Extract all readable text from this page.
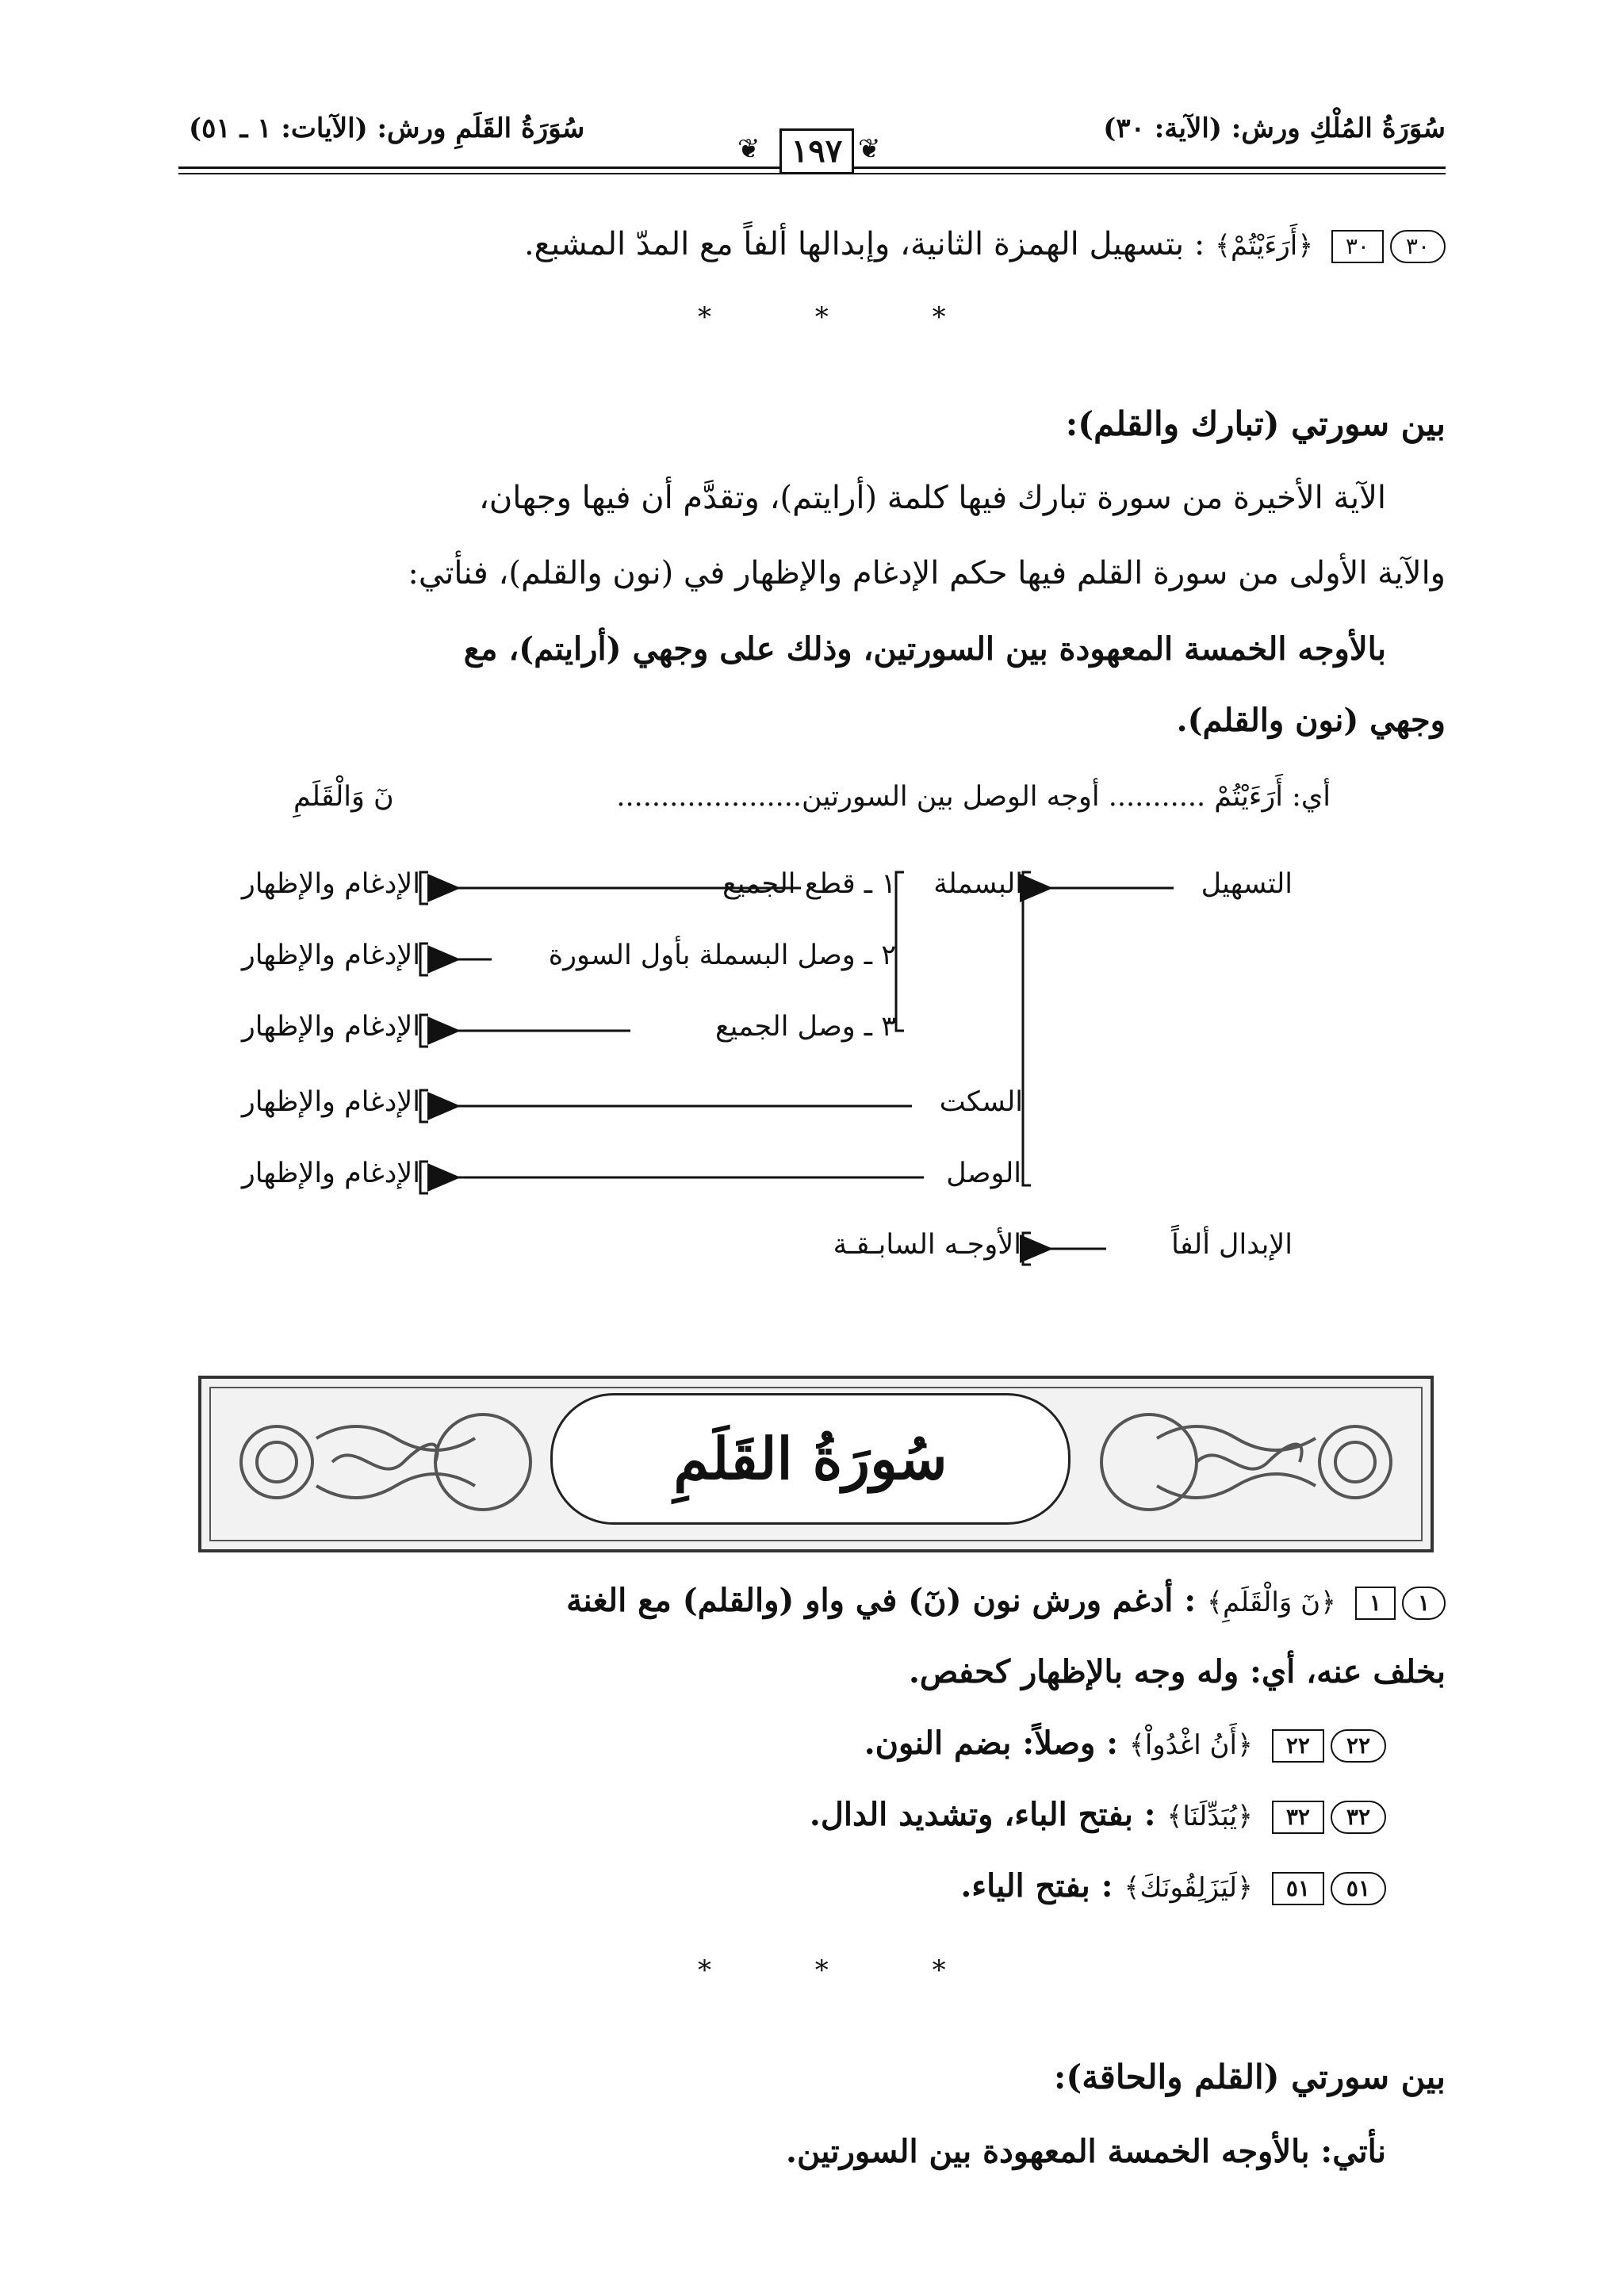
سُوَرَةُ المُلْكِ ورش: (الآية: ٣٠)
سُوَرَةُ القَلَمِ ورش: (الآيات: ١ ـ ٥١)
❦	❦
١٩٧
٣٠٣٠ ﴿أَرَءَيْتُمْ﴾ : بتسهيل الهمزة الثانية، وإبدالها ألفاً مع المدّ المشبع.
* * *
بين سورتي (تبارك والقلم):
الآية الأخيرة من سورة تبارك فيها كلمة (أرايتم)، وتقدَّم أن فيها وجهان،
والآية الأولى من سورة القلم فيها حكم الإدغام والإظهار في (نون والقلم)، فنأتي:
بالأوجه الخمسة المعهودة بين السورتين، وذلك على وجهي (أرايتم)، مع
وجهي (نون والقلم).
أي: أَرَءَيْتُمْ ........... أوجه الوصل بين السورتين.....................
نٓ وَالْقَلَمِ
التسهيل
البسملة
١ ـ قطع الجميع
٢ ـ وصل البسملة بأول السورة
٣ ـ وصل الجميع
السكت
الوصل
الإدغام والإظهار
الإدغام والإظهار
الإدغام والإظهار
الإدغام والإظهار
الإدغام والإظهار
الإبدال ألفاً
الأوجـه السابـقـة
سُورَةُ القَلَمِ
١١ ﴿نٓ وَالْقَلَمِ﴾ : أدغم ورش نون (نٓ) في واو (والقلم) مع الغنة
بخلف عنه، أي: وله وجه بالإظهار كحفص.
٢٢٢٢ ﴿أَنُ اغْدُواْ﴾ : وصلاً: بضم النون.
٣٢٣٢ ﴿يُبَدِّلَنَا﴾ : بفتح الباء، وتشديد الدال.
٥١٥١ ﴿لَيَزَلِقُونَكَ﴾ : بفتح الياء.
* * *
بين سورتي (القلم والحاقة):
نأتي: بالأوجه الخمسة المعهودة بين السورتين.
